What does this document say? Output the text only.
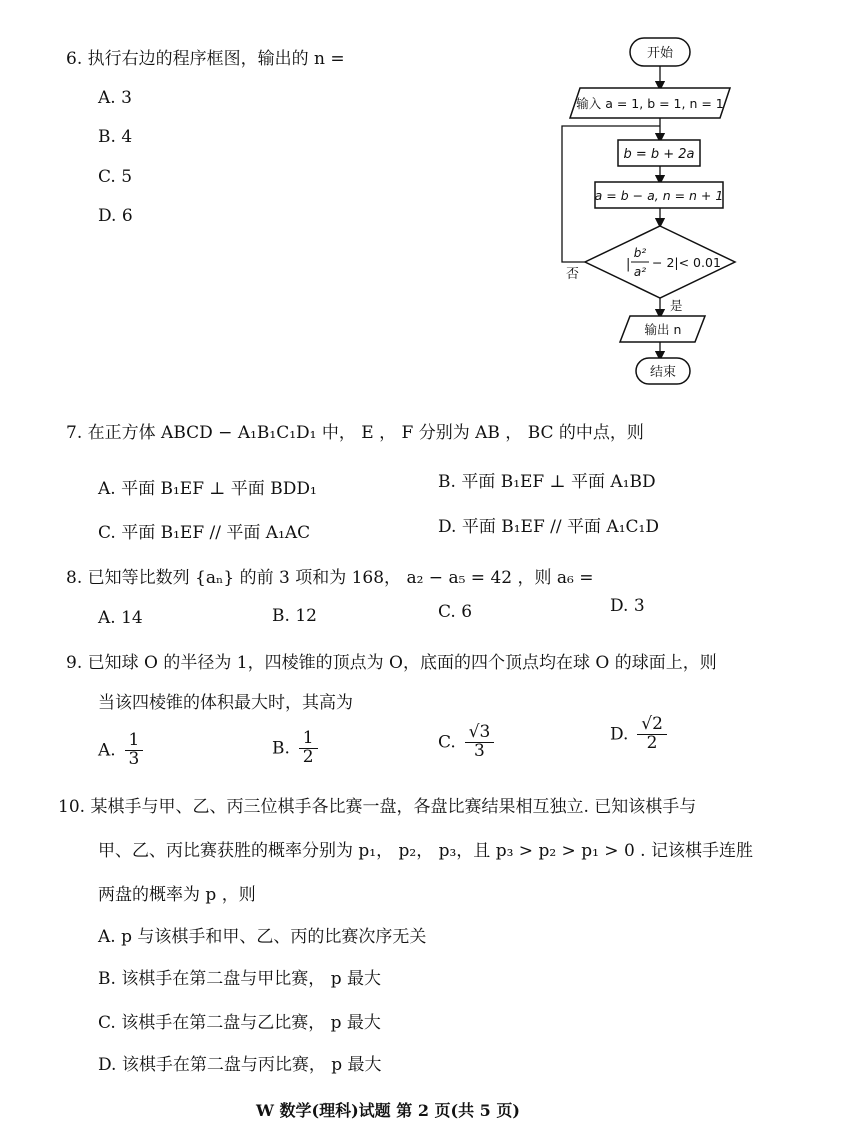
6. 执行右边的程序框图，输出的 n =
A. 3
B. 4
C. 5
D. 6
开始
输入 a = 1, b = 1, n = 1
b = b + 2a
a = b − a, n = n + 1
|
b²
a²
− 2|< 0.01
否
是
输出 n
结束
7. 在正方体 ABCD − A₁B₁C₁D₁ 中， E ， F 分别为 AB ， BC 的中点，则
A. 平面 B₁EF ⊥ 平面 BDD₁	B. 平面 B₁EF ⊥ 平面 A₁BD
C. 平面 B₁EF // 平面 A₁AC	D. 平面 B₁EF // 平面 A₁C₁D
8. 已知等比数列 {aₙ} 的前 3 项和为 168， a₂ − a₅ = 42 ，则 a₆ =
A. 14	B. 12	C. 6	D. 3
9. 已知球 O 的半径为 1，四棱锥的顶点为 O，底面的四个顶点均在球 O 的球面上，则
当该四棱锥的体积最大时，其高为
A. $\frac{1}{3}$	B. $\frac{1}{2}$	C. $\frac{√3}{3}$	D. $\frac{√2}{2}$
10. 某棋手与甲、乙、丙三位棋手各比赛一盘，各盘比赛结果相互独立. 已知该棋手与
甲、乙、丙比赛获胜的概率分别为 p₁， p₂， p₃，且 p₃ > p₂ > p₁ > 0 . 记该棋手连胜
两盘的概率为 p ，则
A. p 与该棋手和甲、乙、丙的比赛次序无关
B. 该棋手在第二盘与甲比赛， p 最大
C. 该棋手在第二盘与乙比赛， p 最大
D. 该棋手在第二盘与丙比赛， p 最大
W 数学(理科)试题 第 2 页(共 5 页)
